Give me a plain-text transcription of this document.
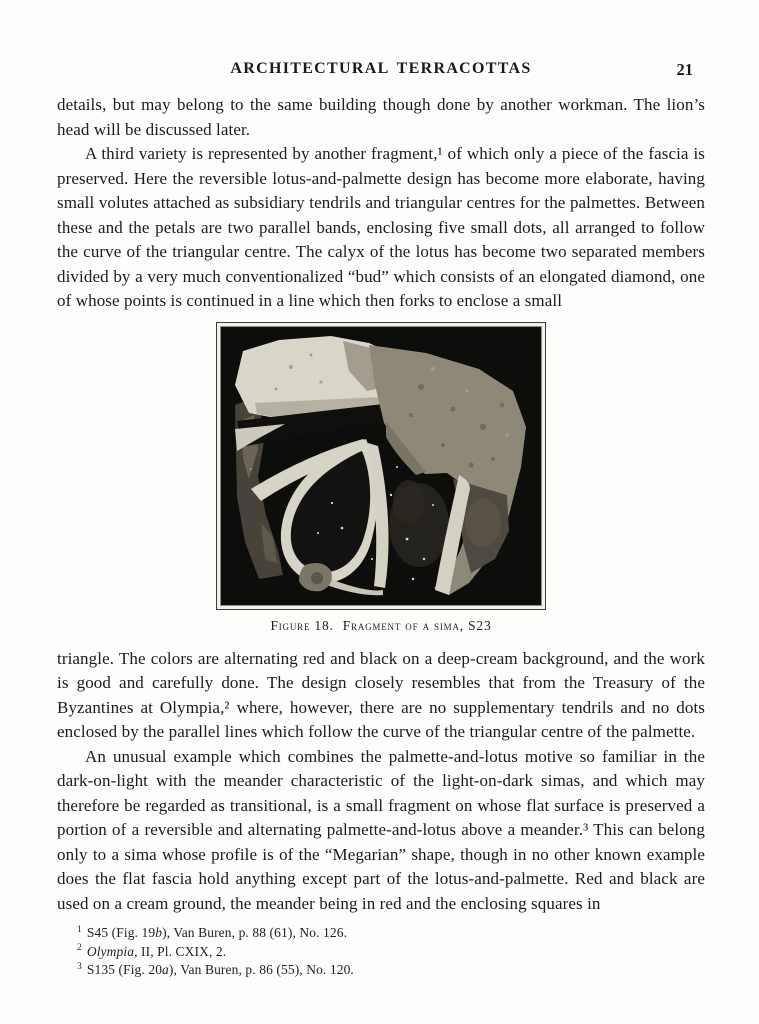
ARCHITECTURAL TERRACOTTAS	21

details, but may belong to the same building though done by another workman. The lion’s head will be discussed later.

A third variety is represented by another fragment,¹ of which only a piece of the fascia is preserved. Here the reversible lotus-and-palmette design has become more elaborate, having small volutes attached as subsidiary tendrils and triangular centres for the palmettes. Between these and the petals are two parallel bands, enclosing five small dots, all arranged to follow the curve of the triangular centre. The calyx of the lotus has become two separated members divided by a very much conventionalized “bud” which consists of an elongated diamond, one of whose points is continued in a line which then forks to enclose a small

Figure 18. Fragment of a sima, S23

triangle. The colors are alternating red and black on a deep-cream background, and the work is good and carefully done. The design closely resembles that from the Treasury of the Byzantines at Olympia,² where, however, there are no supplementary tendrils and no dots enclosed by the parallel lines which follow the curve of the triangular centre of the palmette.

An unusual example which combines the palmette-and-lotus motive so familiar in the dark-on-light with the meander characteristic of the light-on-dark simas, and which may therefore be regarded as transitional, is a small fragment on whose flat surface is preserved a portion of a reversible and alternating palmette-and-lotus above a meander.³ This can belong only to a sima whose profile is of the “Megarian” shape, though in no other known example does the flat fascia hold anything except part of the lotus-and-palmette. Red and black are used on a cream ground, the meander being in red and the enclosing squares in

$^1$ S45 (Fig. 19b), Van Buren, p. 88 (61), No. 126.
$^2$ Olympia, II, Pl. CXIX, 2.
$^3$ S135 (Fig. 20a), Van Buren, p. 86 (55), No. 120.
